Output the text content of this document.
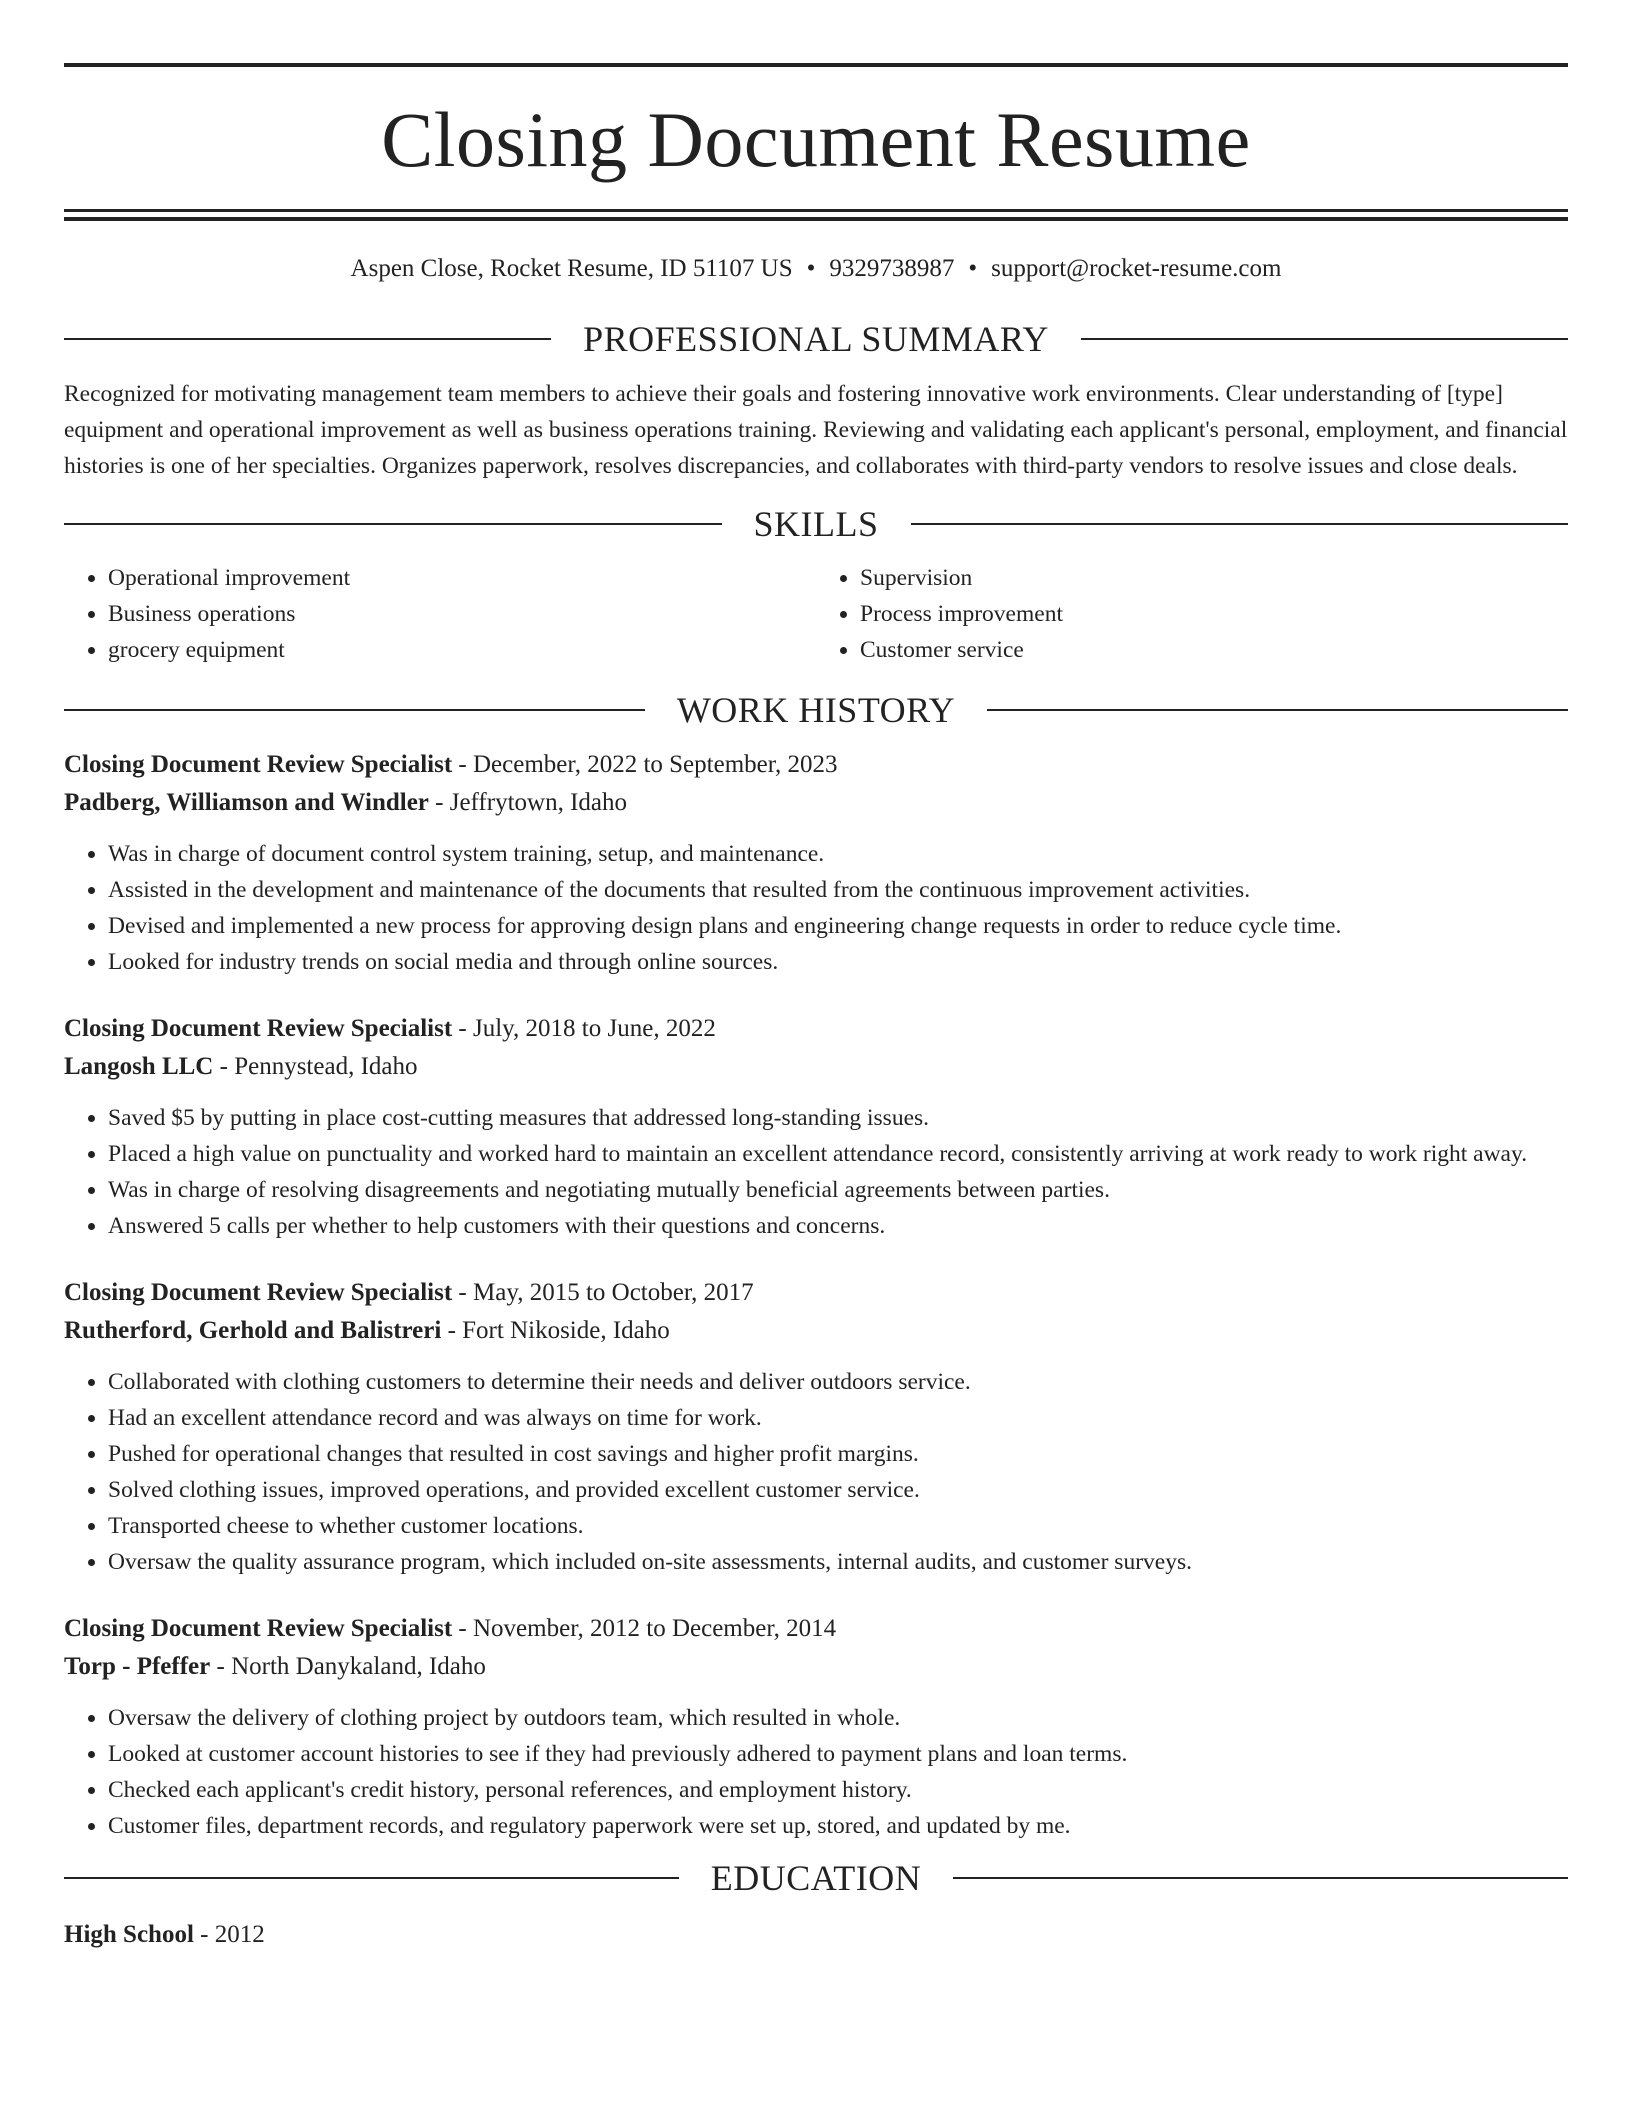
Closing Document Resume
Aspen Close, Rocket Resume, ID 51107 US • 9329738987 • support@rocket-resume.com
PROFESSIONAL SUMMARY

Recognized for motivating management team members to achieve their goals and fostering innovative work environments. Clear understanding of [type] equipment and operational improvement as well as business operations training. Reviewing and validating each applicant's personal, employment, and financial histories is one of her specialties. Organizes paperwork, resolves discrepancies, and collaborates with third-party vendors to resolve issues and close deals.

SKILLS
• Operational improvement
• Business operations
• grocery equipment
• Supervision
• Process improvement
• Customer service
WORK HISTORY
Closing Document Review Specialist - December, 2022 to September, 2023
Padberg, Williamson and Windler - Jeffrytown, Idaho
• Was in charge of document control system training, setup, and maintenance.
• Assisted in the development and maintenance of the documents that resulted from the continuous improvement activities.
• Devised and implemented a new process for approving design plans and engineering change requests in order to reduce cycle time.
• Looked for industry trends on social media and through online sources.
Closing Document Review Specialist - July, 2018 to June, 2022
Langosh LLC - Pennystead, Idaho
• Saved $5 by putting in place cost-cutting measures that addressed long-standing issues.
• Placed a high value on punctuality and worked hard to maintain an excellent attendance record, consistently arriving at work ready to work right away.
• Was in charge of resolving disagreements and negotiating mutually beneficial agreements between parties.
• Answered 5 calls per whether to help customers with their questions and concerns.
Closing Document Review Specialist - May, 2015 to October, 2017
Rutherford, Gerhold and Balistreri - Fort Nikoside, Idaho
• Collaborated with clothing customers to determine their needs and deliver outdoors service.
• Had an excellent attendance record and was always on time for work.
• Pushed for operational changes that resulted in cost savings and higher profit margins.
• Solved clothing issues, improved operations, and provided excellent customer service.
• Transported cheese to whether customer locations.
• Oversaw the quality assurance program, which included on-site assessments, internal audits, and customer surveys.
Closing Document Review Specialist - November, 2012 to December, 2014
Torp - Pfeffer - North Danykaland, Idaho
• Oversaw the delivery of clothing project by outdoors team, which resulted in whole.
• Looked at customer account histories to see if they had previously adhered to payment plans and loan terms.
• Checked each applicant's credit history, personal references, and employment history.
• Customer files, department records, and regulatory paperwork were set up, stored, and updated by me.
EDUCATION
High School - 2012
